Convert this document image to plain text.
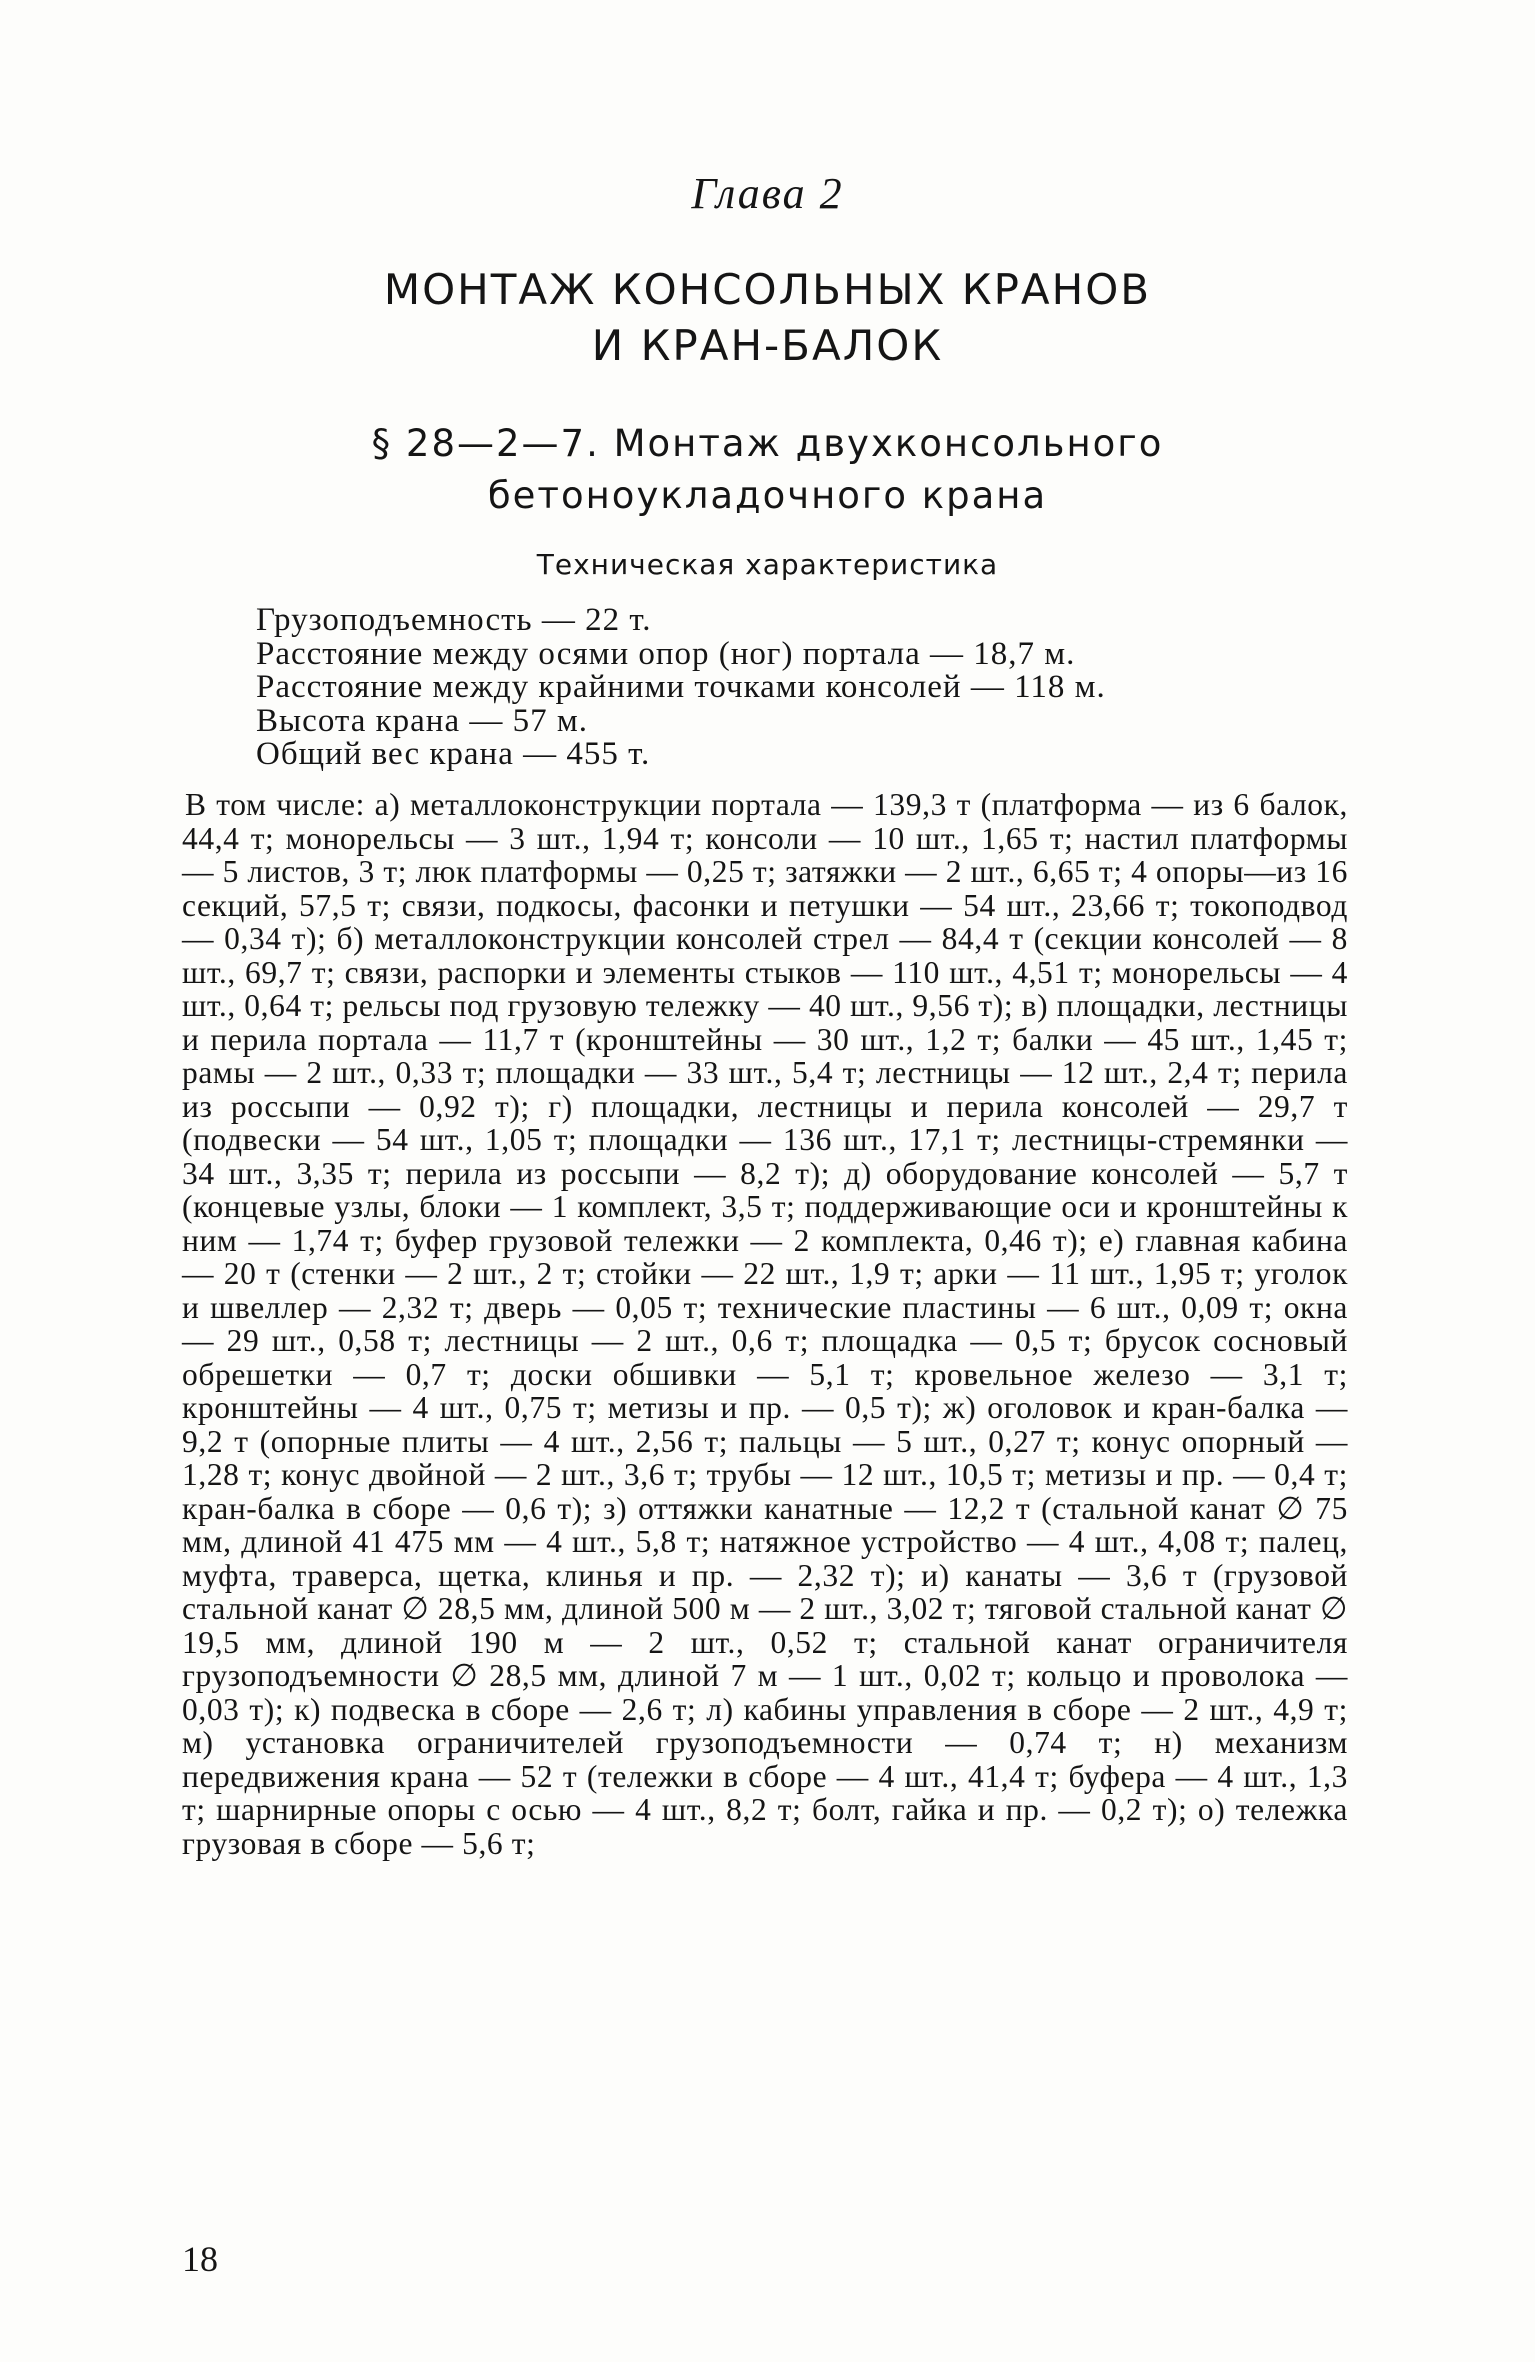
Глава 2
МОНТАЖ КОНСОЛЬНЫХ КРАНОВ
И КРАН-БАЛОК
§ 28—2—7. Монтаж двухконсольного
бетоноукладочного крана
Техническая характеристика
Грузоподъемность — 22 т.
Расстояние между осями опор (ног) портала — 18,7 м.
Расстояние между крайними точками консолей — 118 м.
Высота крана — 57 м.
Общий вес крана — 455 т.

В том числе: а) металлоконструкции портала — 139,3 т (платформа — из 6 балок, 44,4 т; монорельсы — 3 шт., 1,94 т; консоли — 10 шт., 1,65 т; настил платформы — 5 листов, 3 т; люк платформы — 0,25 т; затяжки — 2 шт., 6,65 т; 4 опоры—из 16 секций, 57,5 т; связи, подкосы, фасонки и петушки — 54 шт., 23,66 т; токоподвод — 0,34 т); б) металлоконструкции консолей стрел — 84,4 т (секции консолей — 8 шт., 69,7 т; связи, распорки и элементы стыков — 110 шт., 4,51 т; монорельсы — 4 шт., 0,64 т; рельсы под грузовую тележку — 40 шт., 9,56 т); в) площадки, лестницы и перила портала — 11,7 т (кронштейны — 30 шт., 1,2 т; балки — 45 шт., 1,45 т; рамы — 2 шт., 0,33 т; площадки — 33 шт., 5,4 т; лестницы — 12 шт., 2,4 т; перила из россыпи — 0,92 т); г) площадки, лестницы и перила консолей — 29,7 т (подвески — 54 шт., 1,05 т; площадки — 136 шт., 17,1 т; лестницы-стремянки — 34 шт., 3,35 т; перила из россыпи — 8,2 т); д) оборудование консолей — 5,7 т (концевые узлы, блоки — 1 комплект, 3,5 т; поддерживающие оси и кронштейны к ним — 1,74 т; буфер грузовой тележки — 2 комплекта, 0,46 т); е) главная кабина — 20 т (стенки — 2 шт., 2 т; стойки — 22 шт., 1,9 т; арки — 11 шт., 1,95 т; уголок и швеллер — 2,32 т; дверь — 0,05 т; технические пластины — 6 шт., 0,09 т; окна — 29 шт., 0,58 т; лестницы — 2 шт., 0,6 т; площадка — 0,5 т; брусок сосновый обрешетки — 0,7 т; доски обшивки — 5,1 т; кровельное железо — 3,1 т; кронштейны — 4 шт., 0,75 т; метизы и пр. — 0,5 т); ж) оголовок и кран-балка — 9,2 т (опорные плиты — 4 шт., 2,56 т; пальцы — 5 шт., 0,27 т; конус опорный — 1,28 т; конус двойной — 2 шт., 3,6 т; трубы — 12 шт., 10,5 т; метизы и пр. — 0,4 т; кран-балка в сборе — 0,6 т); з) оттяжки канатные — 12,2 т (стальной канат ∅ 75 мм, длиной 41 475 мм — 4 шт., 5,8 т; натяжное устройство — 4 шт., 4,08 т; палец, муфта, траверса, щетка, клинья и пр. — 2,32 т); и) канаты — 3,6 т (грузовой стальной канат ∅ 28,5 мм, длиной 500 м — 2 шт., 3,02 т; тяговой стальной канат ∅ 19,5 мм, длиной 190 м — 2 шт., 0,52 т; стальной канат ограничителя грузоподъемности ∅ 28,5 мм, длиной 7 м — 1 шт., 0,02 т; кольцо и проволока — 0,03 т); к) подвеска в сборе — 2,6 т; л) кабины управления в сборе — 2 шт., 4,9 т; м) установка ограничителей грузоподъемности — 0,74 т; н) механизм передвижения крана — 52 т (тележки в сборе — 4 шт., 41,4 т; буфера — 4 шт., 1,3 т; шарнирные опоры с осью — 4 шт., 8,2 т; болт, гайка и пр. — 0,2 т); о) тележка грузовая в сборе — 5,6 т;

18
